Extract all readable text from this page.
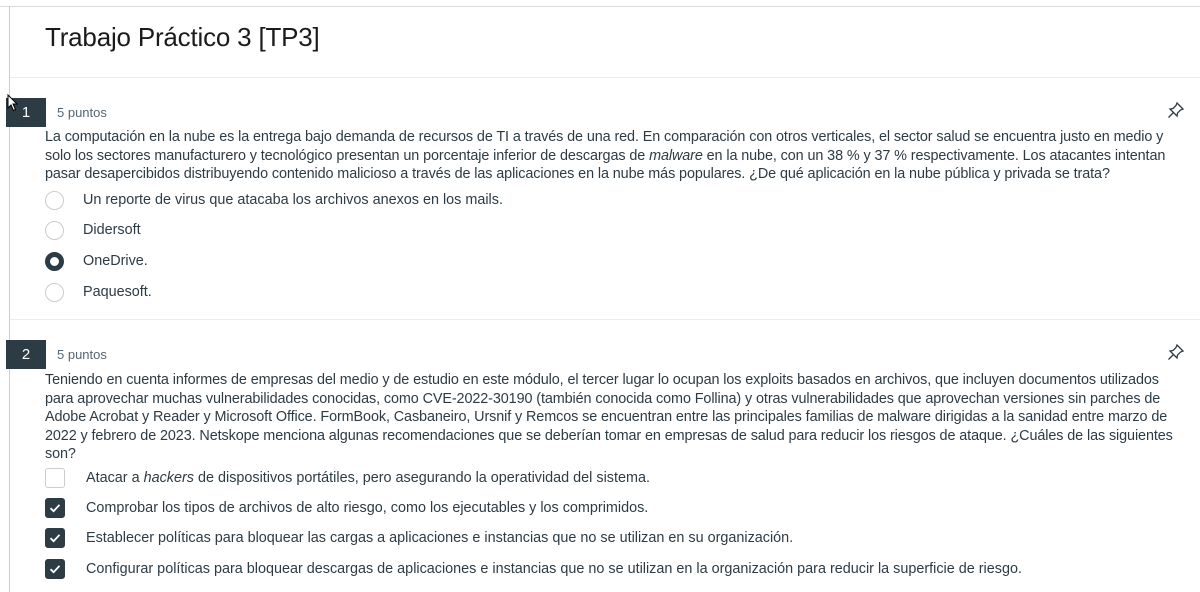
Trabajo Práctico 3 [TP3]
1	5 puntos
La computación en la nube es la entrega bajo demanda de recursos de TI a través de una red. En comparación con otros verticales, el sector salud se encuentra justo en medio y solo los sectores manufacturero y tecnológico presentan un porcentaje inferior de descargas de malware en la nube, con un 38 % y 37 % respectivamente. Los atacantes intentan pasar desapercibidos distribuyendo contenido malicioso a través de las aplicaciones en la nube más populares. ¿De qué aplicación en la nube pública y privada se trata?
Un reporte de virus que atacaba los archivos anexos en los mails.
Didersoft
OneDrive.
Paquesoft.
2	5 puntos
Teniendo en cuenta informes de empresas del medio y de estudio en este módulo, el tercer lugar lo ocupan los exploits basados en archivos, que incluyen documentos utilizados para aprovechar muchas vulnerabilidades conocidas, como CVE-2022-30190 (también conocida como Follina) y otras vulnerabilidades que aprovechan versiones sin parches de Adobe Acrobat y Reader y Microsoft Office. FormBook, Casbaneiro, Ursnif y Remcos se encuentran entre las principales familias de malware dirigidas a la sanidad entre marzo de 2022 y febrero de 2023. Netskope menciona algunas recomendaciones que se deberían tomar en empresas de salud para reducir los riesgos de ataque. ¿Cuáles de las siguientes son?
Atacar a hackers de dispositivos portátiles, pero asegurando la operatividad del sistema.
Comprobar los tipos de archivos de alto riesgo, como los ejecutables y los comprimidos.
Establecer políticas para bloquear las cargas a aplicaciones e instancias que no se utilizan en su organización.
Configurar políticas para bloquear descargas de aplicaciones e instancias que no se utilizan en la organización para reducir la superficie de riesgo.
